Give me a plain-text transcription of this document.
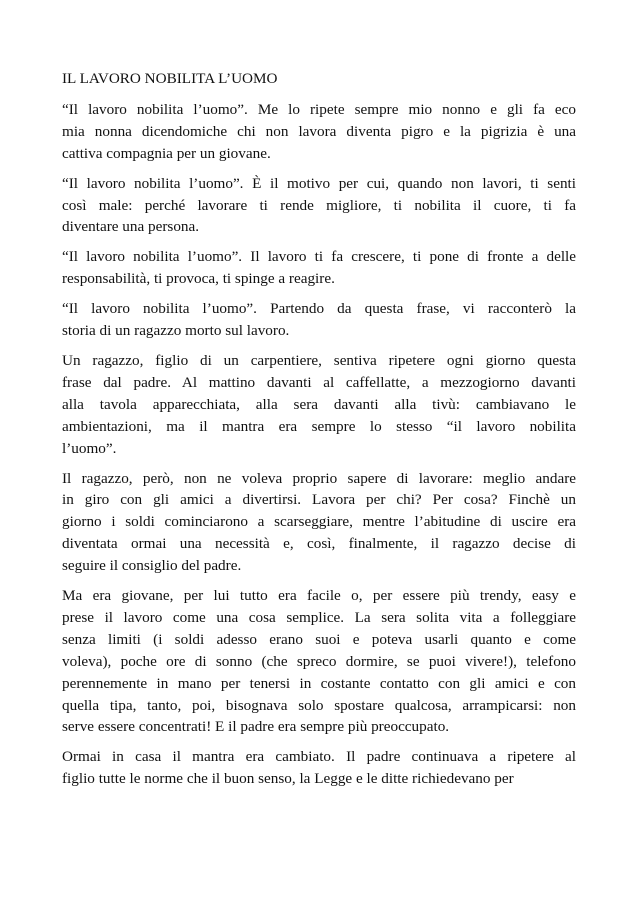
IL LAVORO NOBILITA L’UOMO

“Il lavoro nobilita l’uomo”. Me lo ripete sempre mio nonno e gli fa eco
mia nonna dicendomiche chi non lavora diventa pigro e la pigrizia è una
cattiva compagnia per un giovane.

“Il lavoro nobilita l’uomo”. È il motivo per cui, quando non lavori, ti senti
così male: perché lavorare ti rende migliore, ti nobilita il cuore, ti fa
diventare una persona.

“Il lavoro nobilita l’uomo”. Il lavoro ti fa crescere, ti pone di fronte a delle
responsabilità, ti provoca, ti spinge a reagire.

“Il lavoro nobilita l’uomo”. Partendo da questa frase, vi racconterò la
storia di un ragazzo morto sul lavoro.

Un ragazzo, figlio di un carpentiere, sentiva ripetere ogni giorno questa
frase dal padre. Al mattino davanti al caffellatte, a mezzogiorno davanti
alla tavola apparecchiata, alla sera davanti alla tivù: cambiavano le
ambientazioni, ma il mantra era sempre lo stesso “il lavoro nobilita
l’uomo”.

Il ragazzo, però, non ne voleva proprio sapere di lavorare: meglio andare
in giro con gli amici a divertirsi. Lavora per chi? Per cosa? Finchè un
giorno i soldi cominciarono a scarseggiare, mentre l’abitudine di uscire era
diventata ormai una necessità e, così, finalmente, il ragazzo decise di
seguire il consiglio del padre.

Ma era giovane, per lui tutto era facile o, per essere più trendy, easy e
prese il lavoro come una cosa semplice. La sera solita vita a folleggiare
senza limiti (i soldi adesso erano suoi e poteva usarli quanto e come
voleva), poche ore di sonno (che spreco dormire, se puoi vivere!), telefono
perennemente in mano per tenersi in costante contatto con gli amici e con
quella tipa, tanto, poi, bisognava solo spostare qualcosa, arrampicarsi: non
serve essere concentrati! E il padre era sempre più preoccupato.

Ormai in casa il mantra era cambiato. Il padre continuava a ripetere al
figlio tutte le norme che il buon senso, la Legge e le ditte richiedevano per
